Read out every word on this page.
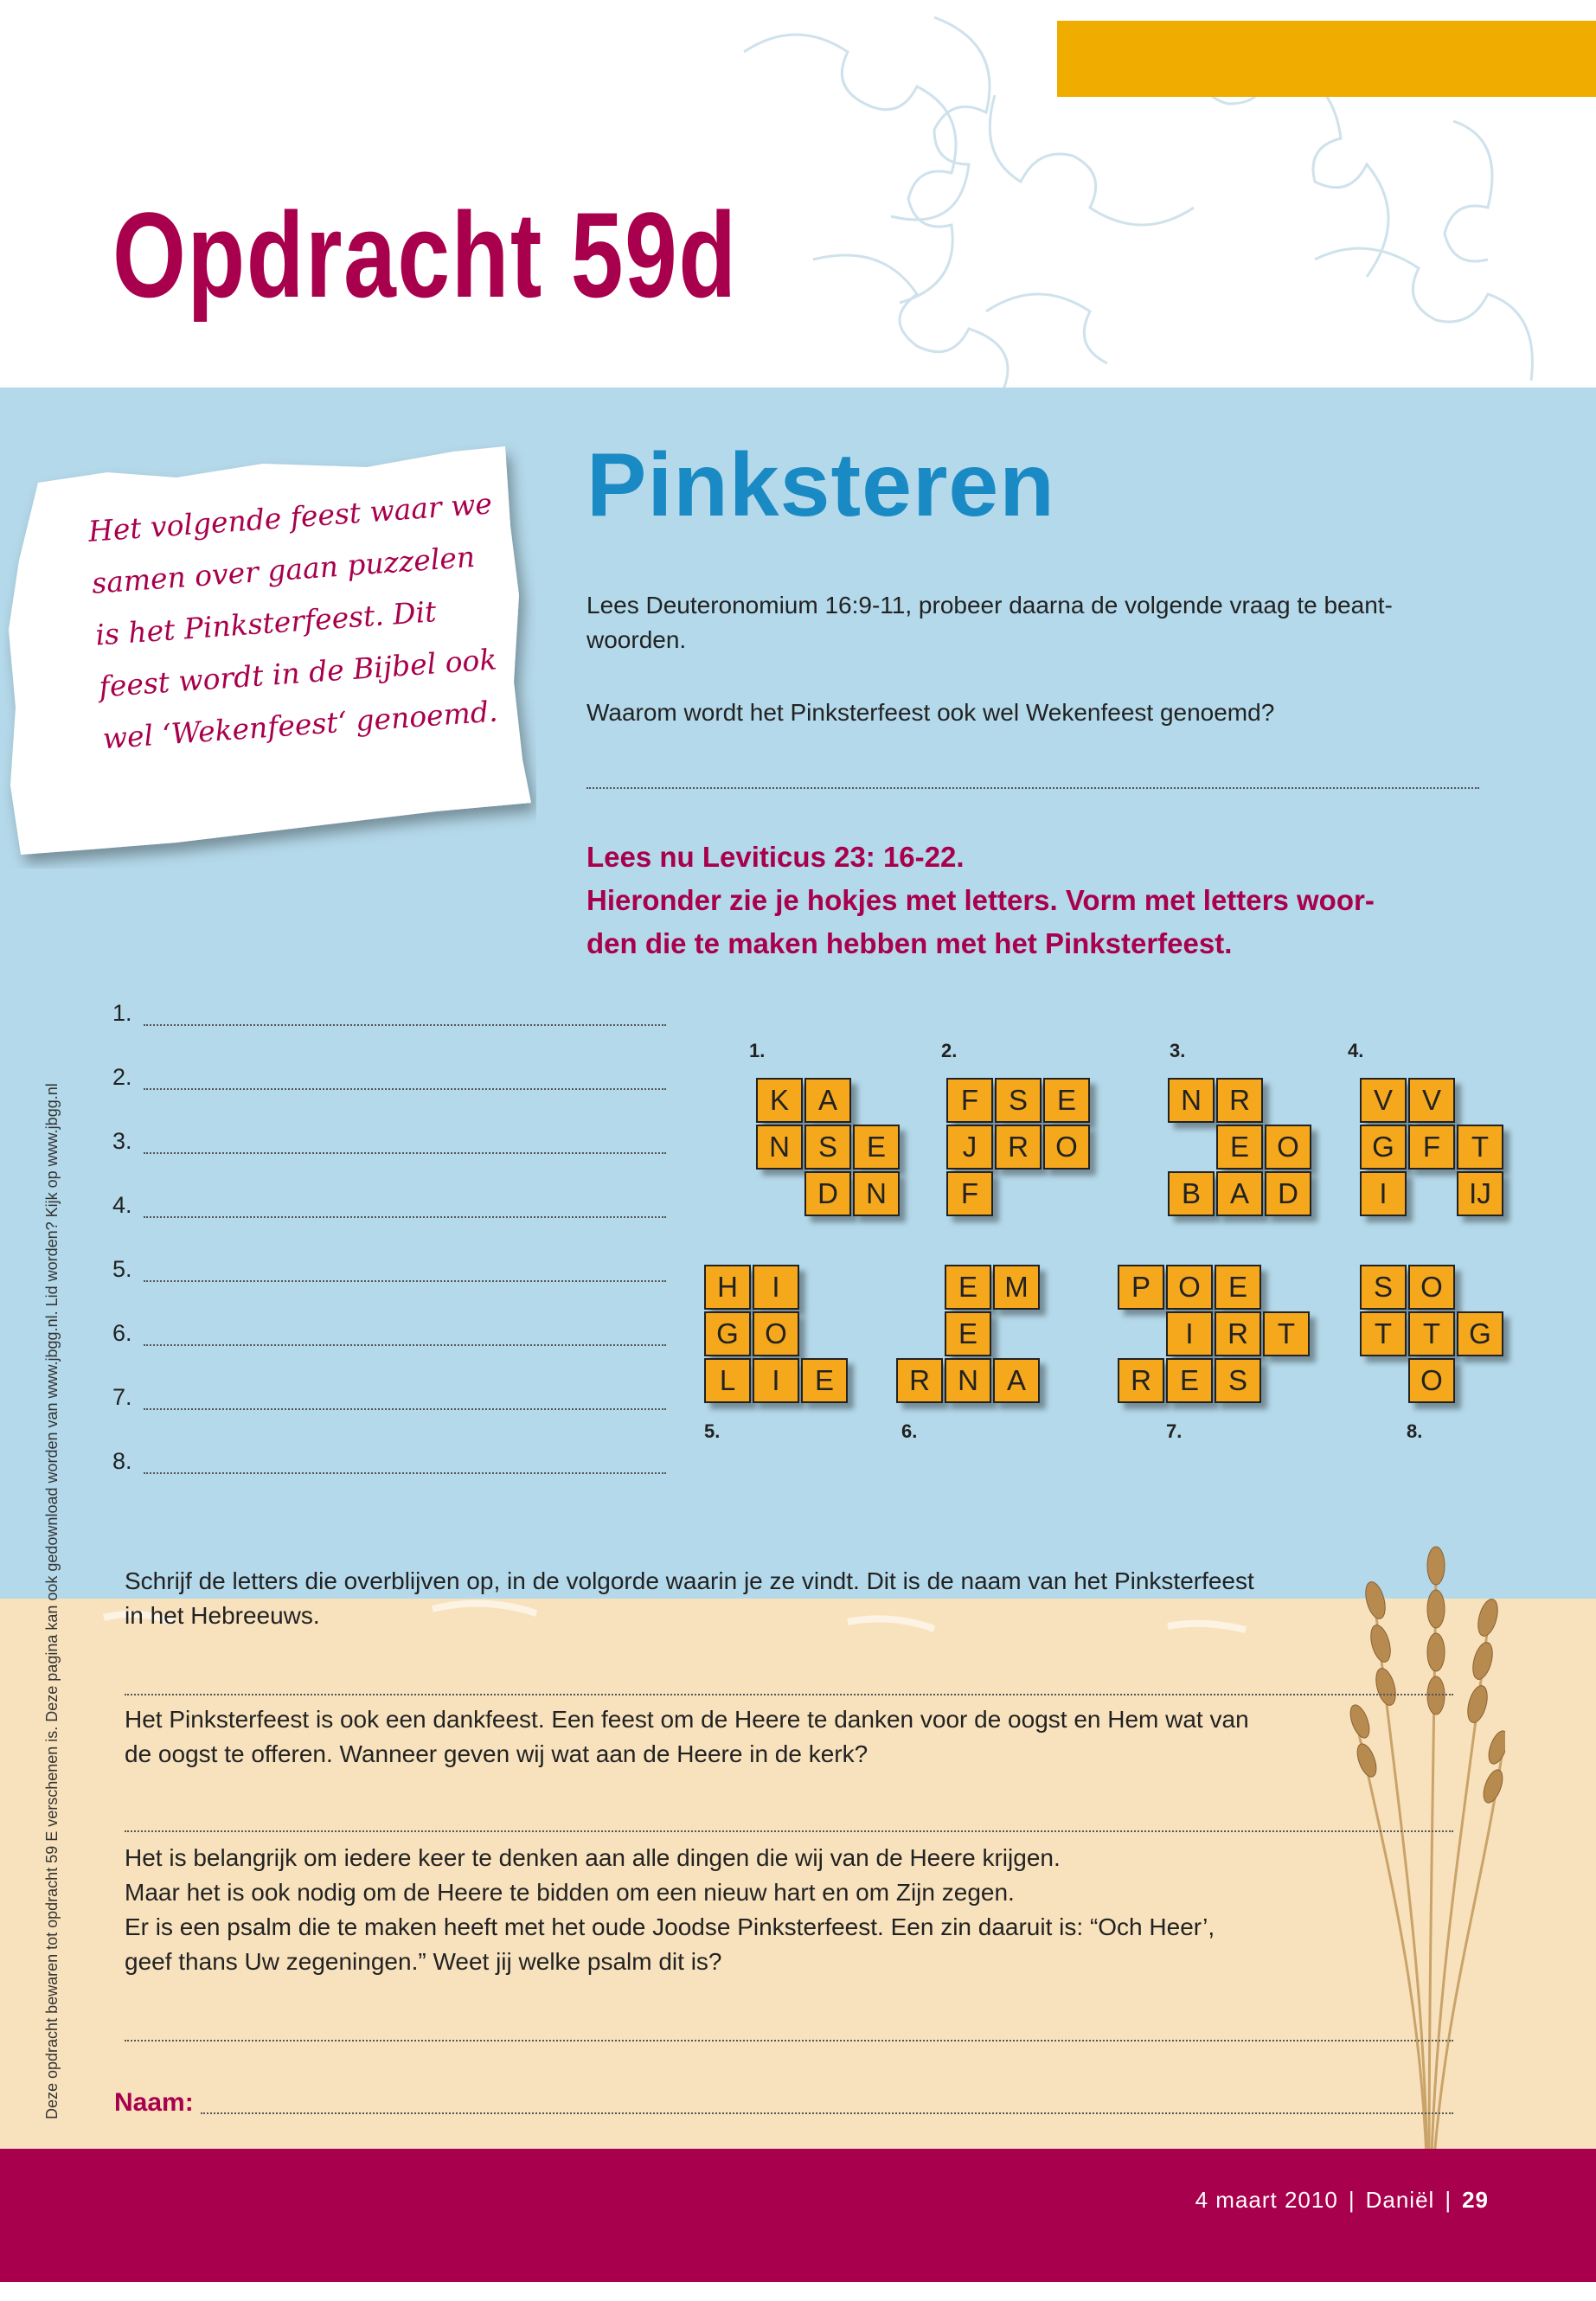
Opdracht 59d
Het volgende feest waar we
samen over gaan puzzelen
is het Pinksterfeest. Dit
feest wordt in de Bijbel ook
wel ‘Wekenfeest‘ genoemd.
Deze opdracht bewaren tot opdracht 59 E verschenen is. Deze pagina kan ook gedownload worden van www.jbgg.nl. Lid worden? Kijk op www.jbgg.nl
Pinksteren
Lees Deuteronomium 16:9-11, probeer daarna de volgende vraag te beant-
woorden.
Waarom wordt het Pinksterfeest ook wel Wekenfeest genoemd?
Lees nu Leviticus 23: 16-22.
Hieronder zie je hokjes met letters. Vorm met letters woor-
den die te maken hebben met het Pinksterfeest.
1.
2.
3.
4.
5.
6.
7.
8.
K	A
N	S	E
D N
F	S	E
J	R O
F
N R
E O
B	A	D
V	V
G	F	T
I	IJ
H	I
G O
L	I	E
E M
E
R N	A
P O E
I	R	T
R	E	S
S O
T	T	G
O
1.	2.	3.	4.
5.	6.	7.	8.
Schrijf de letters die overblijven op, in de volgorde waarin je ze vindt. Dit is de naam van het Pinksterfeest
in het Hebreeuws.
Het Pinksterfeest is ook een dankfeest. Een feest om de Heere te danken voor de oogst en Hem wat van
de oogst te offeren. Wanneer geven wij wat aan de Heere in de kerk?
Het is belangrijk om iedere keer te denken aan alle dingen die wij van de Heere krijgen.
Maar het is ook nodig om de Heere te bidden om een nieuw hart en om Zijn zegen.
Er is een psalm die te maken heeft met het oude Joodse Pinksterfeest. Een zin daaruit is: “Och Heer’,
geef thans Uw zegeningen.” Weet jij welke psalm dit is?
Naam:
4 maart 2010 | Daniël | 29
